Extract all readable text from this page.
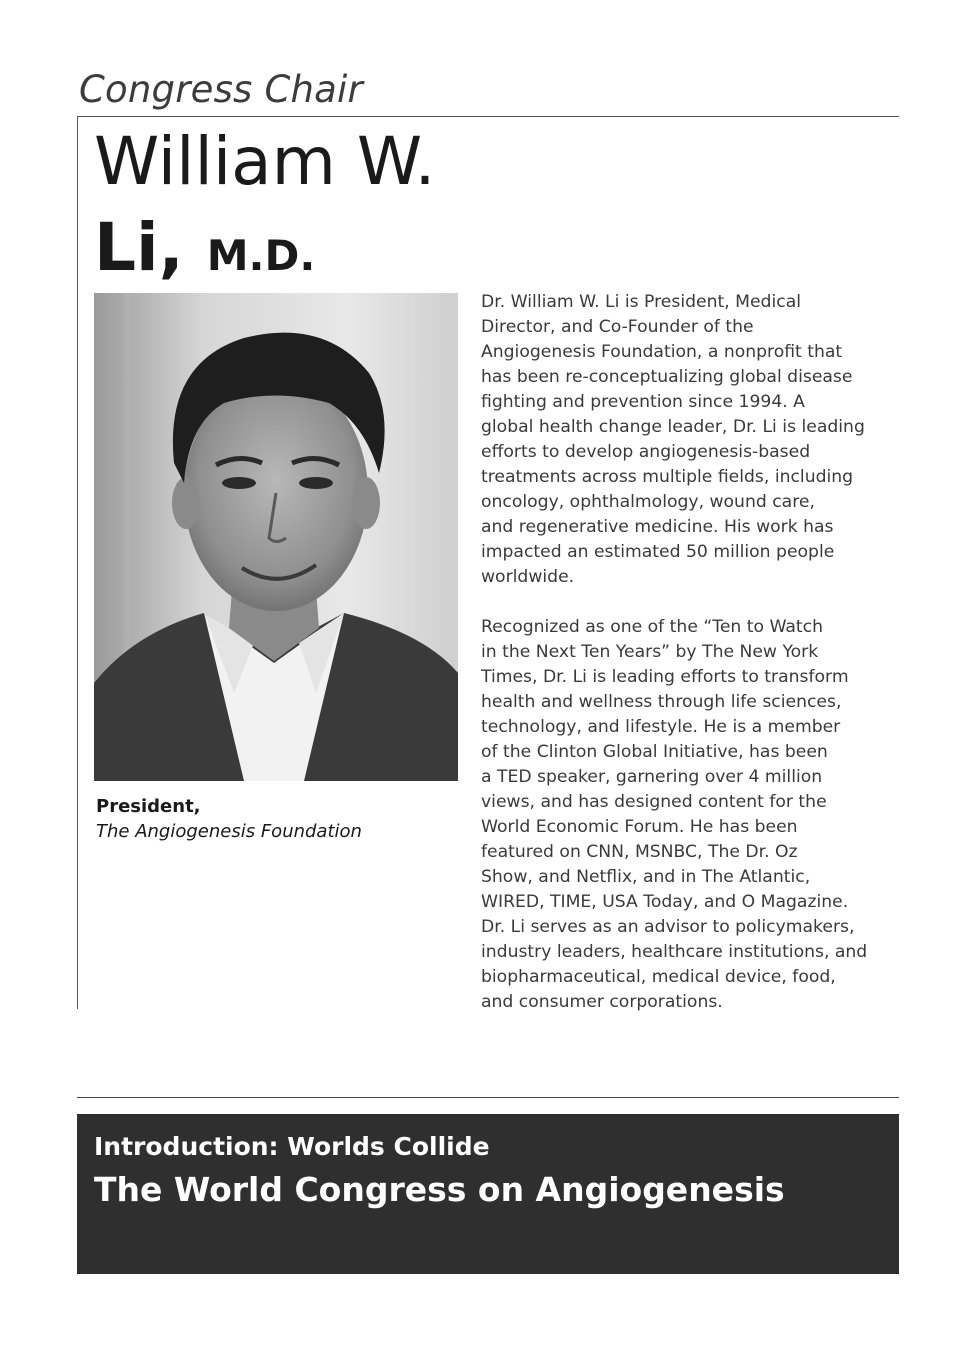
Congress Chair
William W.
Li, M.D.

President,

The Angiogenesis Foundation

Dr. William W. Li is President, Medical
Director, and Co-Founder of the
Angiogenesis Foundation, a nonprofit that
has been re-conceptualizing global disease
fighting and prevention since 1994. A
global health change leader, Dr. Li is leading
efforts to develop angiogenesis-based
treatments across multiple fields, including
oncology, ophthalmology, wound care,
and regenerative medicine. His work has
impacted an estimated 50 million people
worldwide.
Recognized as one of the “Ten to Watch
in the Next Ten Years” by The New York
Times, Dr. Li is leading efforts to transform
health and wellness through life sciences,
technology, and lifestyle. He is a member
of the Clinton Global Initiative, has been
a TED speaker, garnering over 4 million
views, and has designed content for the
World Economic Forum. He has been
featured on CNN, MSNBC, The Dr. Oz
Show, and Netflix, and in The Atlantic,
WIRED, TIME, USA Today, and O Magazine.
Dr. Li serves as an advisor to policymakers,
industry leaders, healthcare institutions, and
biopharmaceutical, medical device, food,
and consumer corporations.

Introduction: Worlds Collide

The World Congress on Angiogenesis
